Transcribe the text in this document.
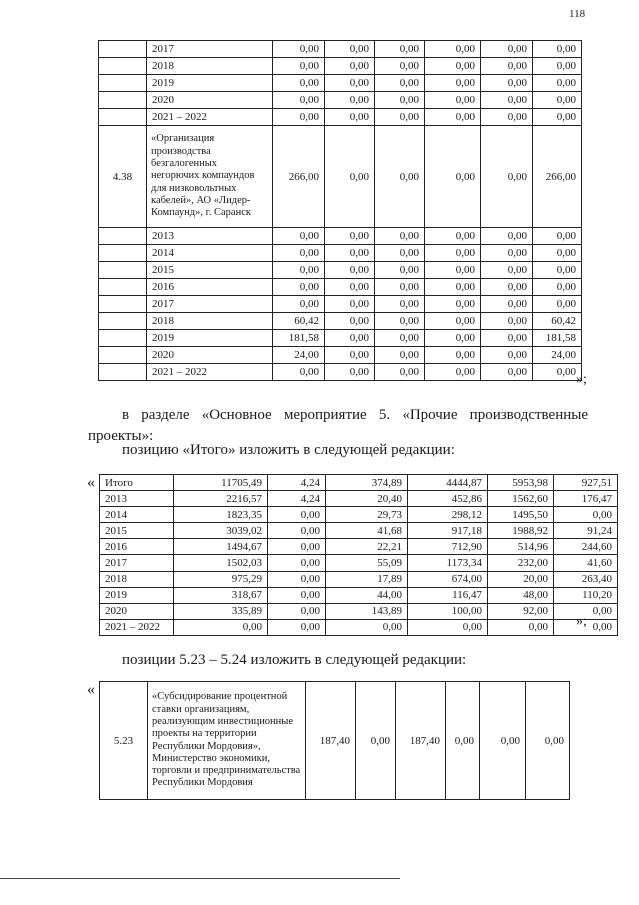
118
	2017	0,00	0,00	0,00	0,00	0,00	0,00
	2018	0,00	0,00	0,00	0,00	0,00	0,00
	2019	0,00	0,00	0,00	0,00	0,00	0,00
	2020	0,00	0,00	0,00	0,00	0,00	0,00
	2021 – 2022	0,00	0,00	0,00	0,00	0,00	0,00
4.38	«Организация производства безгалогенных негорючих компаундов для низковольтных кабелей», АО «Лидер-Компаунд», г. Саранск	266,00	0,00	0,00	0,00	0,00	266,00
	2013	0,00	0,00	0,00	0,00	0,00	0,00
	2014	0,00	0,00	0,00	0,00	0,00	0,00
	2015	0,00	0,00	0,00	0,00	0,00	0,00
	2016	0,00	0,00	0,00	0,00	0,00	0,00
	2017	0,00	0,00	0,00	0,00	0,00	0,00
	2018	60,42	0,00	0,00	0,00	0,00	60,42
	2019	181,58	0,00	0,00	0,00	0,00	181,58
	2020	24,00	0,00	0,00	0,00	0,00	24,00
	2021 – 2022	0,00	0,00	0,00	0,00	0,00	0,00 »;
в разделе «Основное мероприятие 5. «Прочие производственные проекты»:
позицию «Итого» изложить в следующей редакции:
« Итого	11705,49	4,24	374,89	4444,87	5953,98	927,51
2013	2216,57	4,24	20,40	452,86	1562,60	176,47
2014	1823,35	0,00	29,73	298,12	1495,50	0,00
2015	3039,02	0,00	41,68	917,18	1988,92	91,24
2016	1494,67	0,00	22,21	712,90	514,96	244,60
2017	1502,03	0,00	55,09	1173,34	232,00	41,60
2018	975,29	0,00	17,89	674,00	20,00	263,40
2019	318,67	0,00	44,00	116,47	48,00	110,20
2020	335,89	0,00	143,89	100,00	92,00	0,00
2021 – 2022	0,00	0,00	0,00	0,00	0,00	0,00
»;
позиции 5.23 – 5.24 изложить в следующей редакции:
«
5.23	«Субсидирование процентной ставки организациям, реализующим инвестиционные проекты на территории Республики Мордовия», Министерство экономики, торговли и предпринимательства Республики Мордовия	187,40	0,00	187,40	0,00	0,00	0,00
